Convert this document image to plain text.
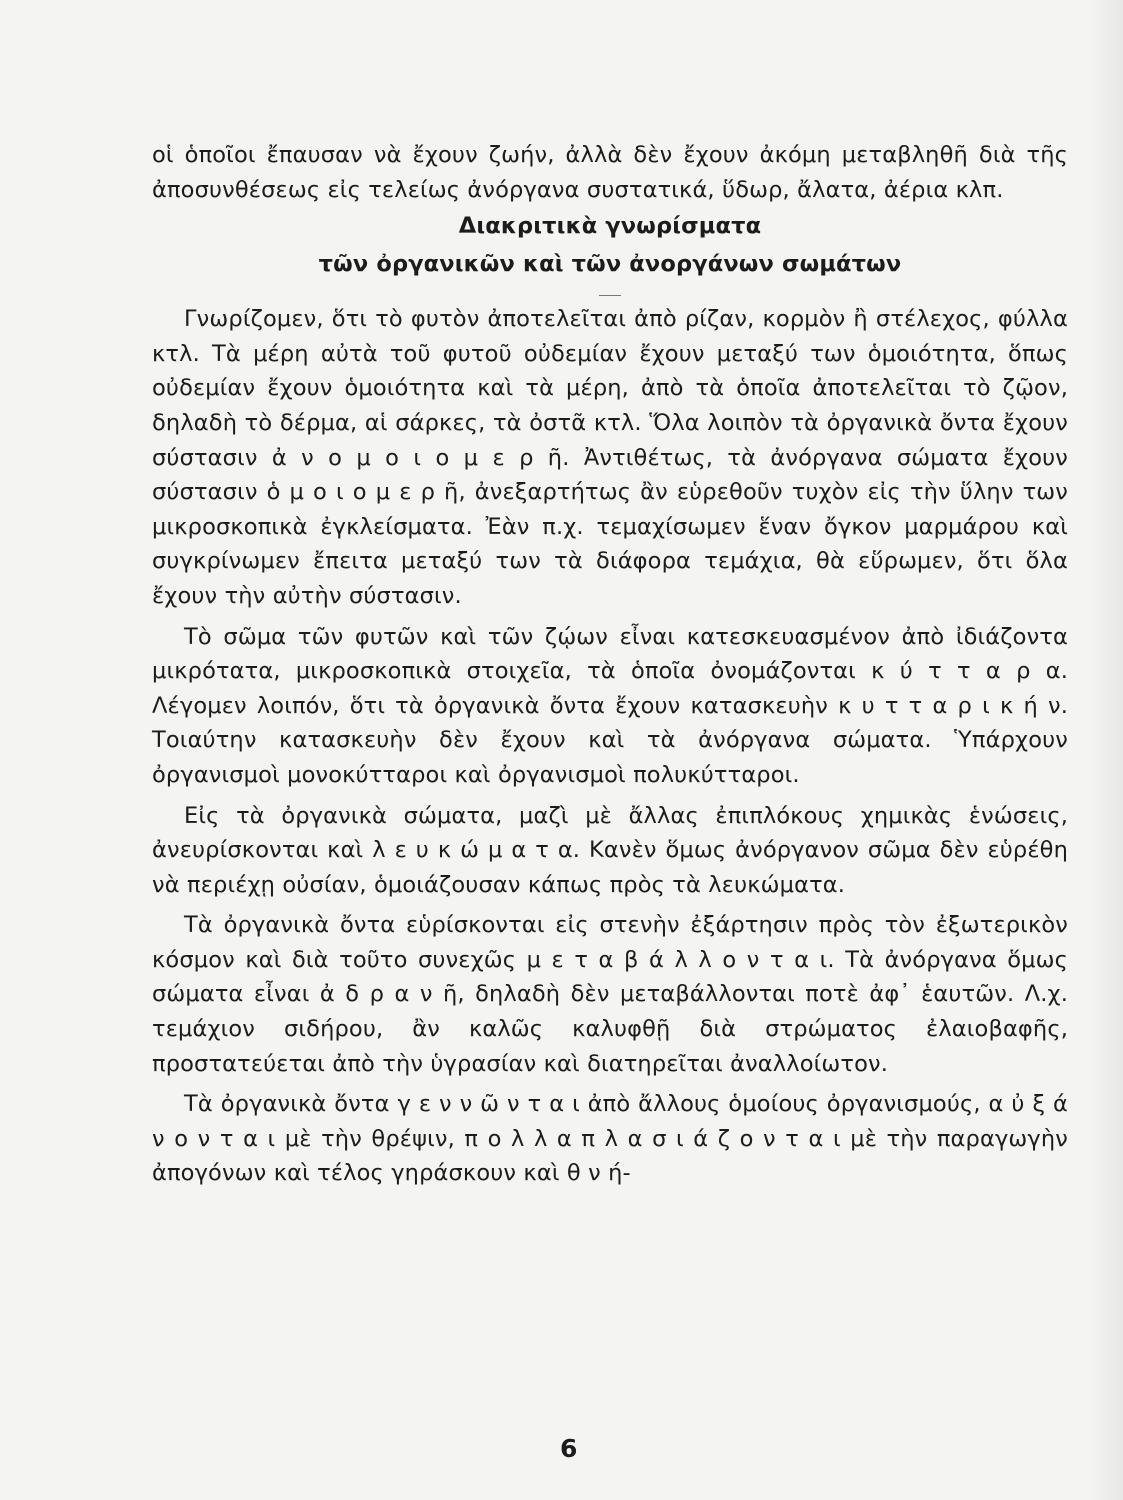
οἱ ὁποῖοι ἔπαυσαν νὰ ἔχουν ζωήν, ἀλλὰ δὲν ἔχουν ἀκόμη μεταβληθῆ διὰ τῆς ἀποσυνθέσεως εἰς τελείως ἀνόργανα συστατικά, ὕδωρ, ἄλατα, ἀέρια κλπ.

Διακριτικὰ γνωρίσματα

τῶν ὀργανικῶν καὶ τῶν ἀνοργάνων σωμάτων

Γνωρίζομεν, ὅτι τὸ φυτὸν ἀποτελεῖται ἀπὸ ρίζαν, κορμὸν ἢ στέλεχος, φύλλα κτλ. Τὰ μέρη αὐτὰ τοῦ φυτοῦ οὐδεμίαν ἔχουν μεταξύ των ὁμοιότητα, ὅπως οὐδεμίαν ἔχουν ὁμοιότητα καὶ τὰ μέρη, ἀπὸ τὰ ὁποῖα ἀποτελεῖται τὸ ζῷον, δηλαδὴ τὸ δέρμα, αἱ σάρκες, τὰ ὀστᾶ κτλ. Ὅλα λοιπὸν τὰ ὀργανικὰ ὄντα ἔχουν σύστασιν ἀ ν ο μ ο ι ο μ ε ρ ῆ. Ἀντιθέτως, τὰ ἀνόργανα σώματα ἔχουν σύστασιν ὁ μ ο ι ο μ ε ρ ῆ, ἀνεξαρτήτως ἂν εὑρεθοῦν τυχὸν εἰς τὴν ὕλην των μικροσκοπικὰ ἐγκλείσματα. Ἐὰν π.χ. τεμαχίσωμεν ἕναν ὄγκον μαρμάρου καὶ συγκρίνωμεν ἔπειτα μεταξύ των τὰ διάφορα τεμάχια, θὰ εὕρωμεν, ὅτι ὅλα ἔχουν τὴν αὐτὴν σύστασιν.

Τὸ σῶμα τῶν φυτῶν καὶ τῶν ζῴων εἶναι κατεσκευασμένον ἀπὸ ἰδιάζοντα μικρότατα, μικροσκοπικὰ στοιχεῖα, τὰ ὁποῖα ὀνομάζονται κ ύ τ τ α ρ α. Λέγομεν λοιπόν, ὅτι τὰ ὀργανικὰ ὄντα ἔχουν κατασκευὴν κ υ τ τ α ρ ι κ ή ν. Τοιαύτην κατασκευὴν δὲν ἔχουν καὶ τὰ ἀνόργανα σώματα. Ὑπάρχουν ὀργανισμοὶ μονοκύτταροι καὶ ὀργανισμοὶ πολυκύτταροι.

Εἰς τὰ ὀργανικὰ σώματα, μαζὶ μὲ ἄλλας ἐπιπλόκους χημικὰς ἑνώσεις, ἀνευρίσκονται καὶ λ ε υ κ ώ μ α τ α. Κανὲν ὅμως ἀνόργανον σῶμα δὲν εὑρέθη νὰ περιέχῃ οὐσίαν, ὁμοιάζουσαν κάπως πρὸς τὰ λευκώματα.

Τὰ ὀργανικὰ ὄντα εὑρίσκονται εἰς στενὴν ἐξάρτησιν πρὸς τὸν ἐξωτερικὸν κόσμον καὶ διὰ τοῦτο συνεχῶς μ ε τ α β ά λ λ ο ν τ α ι. Τὰ ἀνόργανα ὅμως σώματα εἶναι ἀ δ ρ α ν ῆ, δηλαδὴ δὲν μεταβάλλονται ποτὲ ἀφ᾿ ἑαυτῶν. Λ.χ. τεμάχιον σιδήρου, ἂν καλῶς καλυφθῇ διὰ στρώματος ἐλαιοβαφῆς, προστατεύεται ἀπὸ τὴν ὑγρασίαν καὶ διατηρεῖται ἀναλλοίωτον.

Τὰ ὀργανικὰ ὄντα γ ε ν ν ῶ ν τ α ι ἀπὸ ἄλλους ὁμοίους ὀργανισμούς, α ὐ ξ ά ν ο ν τ α ι μὲ τὴν θρέψιν, π ο λ λ α π λ α σ ι ά ζ ο ν τ α ι μὲ τὴν παραγωγὴν ἀπογόνων καὶ τέλος γηράσκουν καὶ θ ν ή-

6
